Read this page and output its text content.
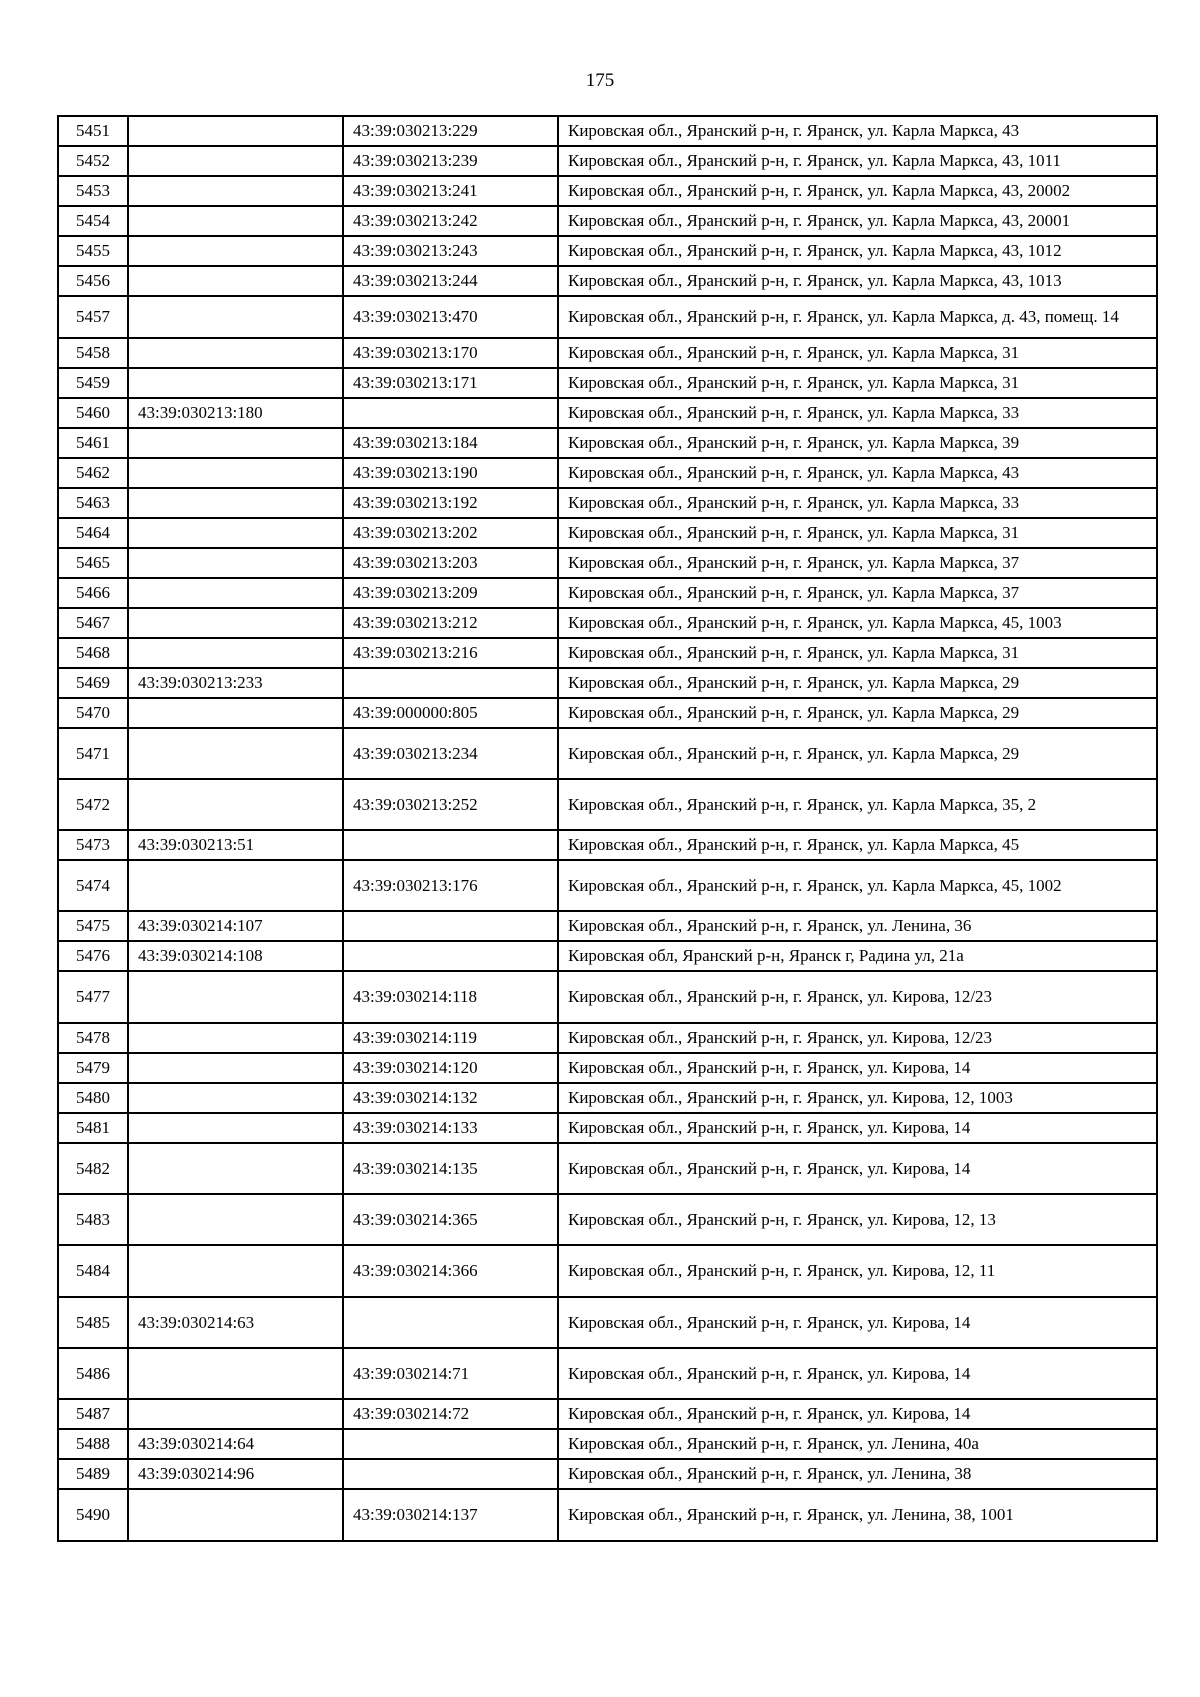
175
5451		43:39:030213:229	Кировская обл., Яранский р-н, г. Яранск, ул. Карла Маркса, 43
5452		43:39:030213:239	Кировская обл., Яранский р-н, г. Яранск, ул. Карла Маркса, 43, 1011
5453		43:39:030213:241	Кировская обл., Яранский р-н, г. Яранск, ул. Карла Маркса, 43, 20002
5454		43:39:030213:242	Кировская обл., Яранский р-н, г. Яранск, ул. Карла Маркса, 43, 20001
5455		43:39:030213:243	Кировская обл., Яранский р-н, г. Яранск, ул. Карла Маркса, 43, 1012
5456		43:39:030213:244	Кировская обл., Яранский р-н, г. Яранск, ул. Карла Маркса, 43, 1013
5457		43:39:030213:470	Кировская обл., Яранский р-н, г. Яранск, ул. Карла Маркса, д. 43, помещ. 14
5458		43:39:030213:170	Кировская обл., Яранский р-н, г. Яранск, ул. Карла Маркса, 31
5459		43:39:030213:171	Кировская обл., Яранский р-н, г. Яранск, ул. Карла Маркса, 31
5460	43:39:030213:180		Кировская обл., Яранский р-н, г. Яранск, ул. Карла Маркса, 33
5461		43:39:030213:184	Кировская обл., Яранский р-н, г. Яранск, ул. Карла Маркса, 39
5462		43:39:030213:190	Кировская обл., Яранский р-н, г. Яранск, ул. Карла Маркса, 43
5463		43:39:030213:192	Кировская обл., Яранский р-н, г. Яранск, ул. Карла Маркса, 33
5464		43:39:030213:202	Кировская обл., Яранский р-н, г. Яранск, ул. Карла Маркса, 31
5465		43:39:030213:203	Кировская обл., Яранский р-н, г. Яранск, ул. Карла Маркса, 37
5466		43:39:030213:209	Кировская обл., Яранский р-н, г. Яранск, ул. Карла Маркса, 37
5467		43:39:030213:212	Кировская обл., Яранский р-н, г. Яранск, ул. Карла Маркса, 45, 1003
5468		43:39:030213:216	Кировская обл., Яранский р-н, г. Яранск, ул. Карла Маркса, 31
5469	43:39:030213:233		Кировская обл., Яранский р-н, г. Яранск, ул. Карла Маркса, 29
5470		43:39:000000:805	Кировская обл., Яранский р-н, г. Яранск, ул. Карла Маркса, 29
5471		43:39:030213:234	Кировская обл., Яранский р-н, г. Яранск, ул. Карла Маркса, 29
5472		43:39:030213:252	Кировская обл., Яранский р-н, г. Яранск, ул. Карла Маркса, 35, 2
5473	43:39:030213:51		Кировская обл., Яранский р-н, г. Яранск, ул. Карла Маркса, 45
5474		43:39:030213:176	Кировская обл., Яранский р-н, г. Яранск, ул. Карла Маркса, 45, 1002
5475	43:39:030214:107		Кировская обл., Яранский р-н, г. Яранск, ул. Ленина, 36
5476	43:39:030214:108		Кировская обл, Яранский р-н, Яранск г, Радина ул, 21а
5477		43:39:030214:118	Кировская обл., Яранский р-н, г. Яранск, ул. Кирова, 12/23
5478		43:39:030214:119	Кировская обл., Яранский р-н, г. Яранск, ул. Кирова, 12/23
5479		43:39:030214:120	Кировская обл., Яранский р-н, г. Яранск, ул. Кирова, 14
5480		43:39:030214:132	Кировская обл., Яранский р-н, г. Яранск, ул. Кирова, 12, 1003
5481		43:39:030214:133	Кировская обл., Яранский р-н, г. Яранск, ул. Кирова, 14
5482		43:39:030214:135	Кировская обл., Яранский р-н, г. Яранск, ул. Кирова, 14
5483		43:39:030214:365	Кировская обл., Яранский р-н, г. Яранск, ул. Кирова, 12, 13
5484		43:39:030214:366	Кировская обл., Яранский р-н, г. Яранск, ул. Кирова, 12, 11
5485	43:39:030214:63		Кировская обл., Яранский р-н, г. Яранск, ул. Кирова, 14
5486		43:39:030214:71	Кировская обл., Яранский р-н, г. Яранск, ул. Кирова, 14
5487		43:39:030214:72	Кировская обл., Яранский р-н, г. Яранск, ул. Кирова, 14
5488	43:39:030214:64		Кировская обл., Яранский р-н, г. Яранск, ул. Ленина, 40а
5489	43:39:030214:96		Кировская обл., Яранский р-н, г. Яранск, ул. Ленина, 38
5490		43:39:030214:137	Кировская обл., Яранский р-н, г. Яранск, ул. Ленина, 38, 1001
